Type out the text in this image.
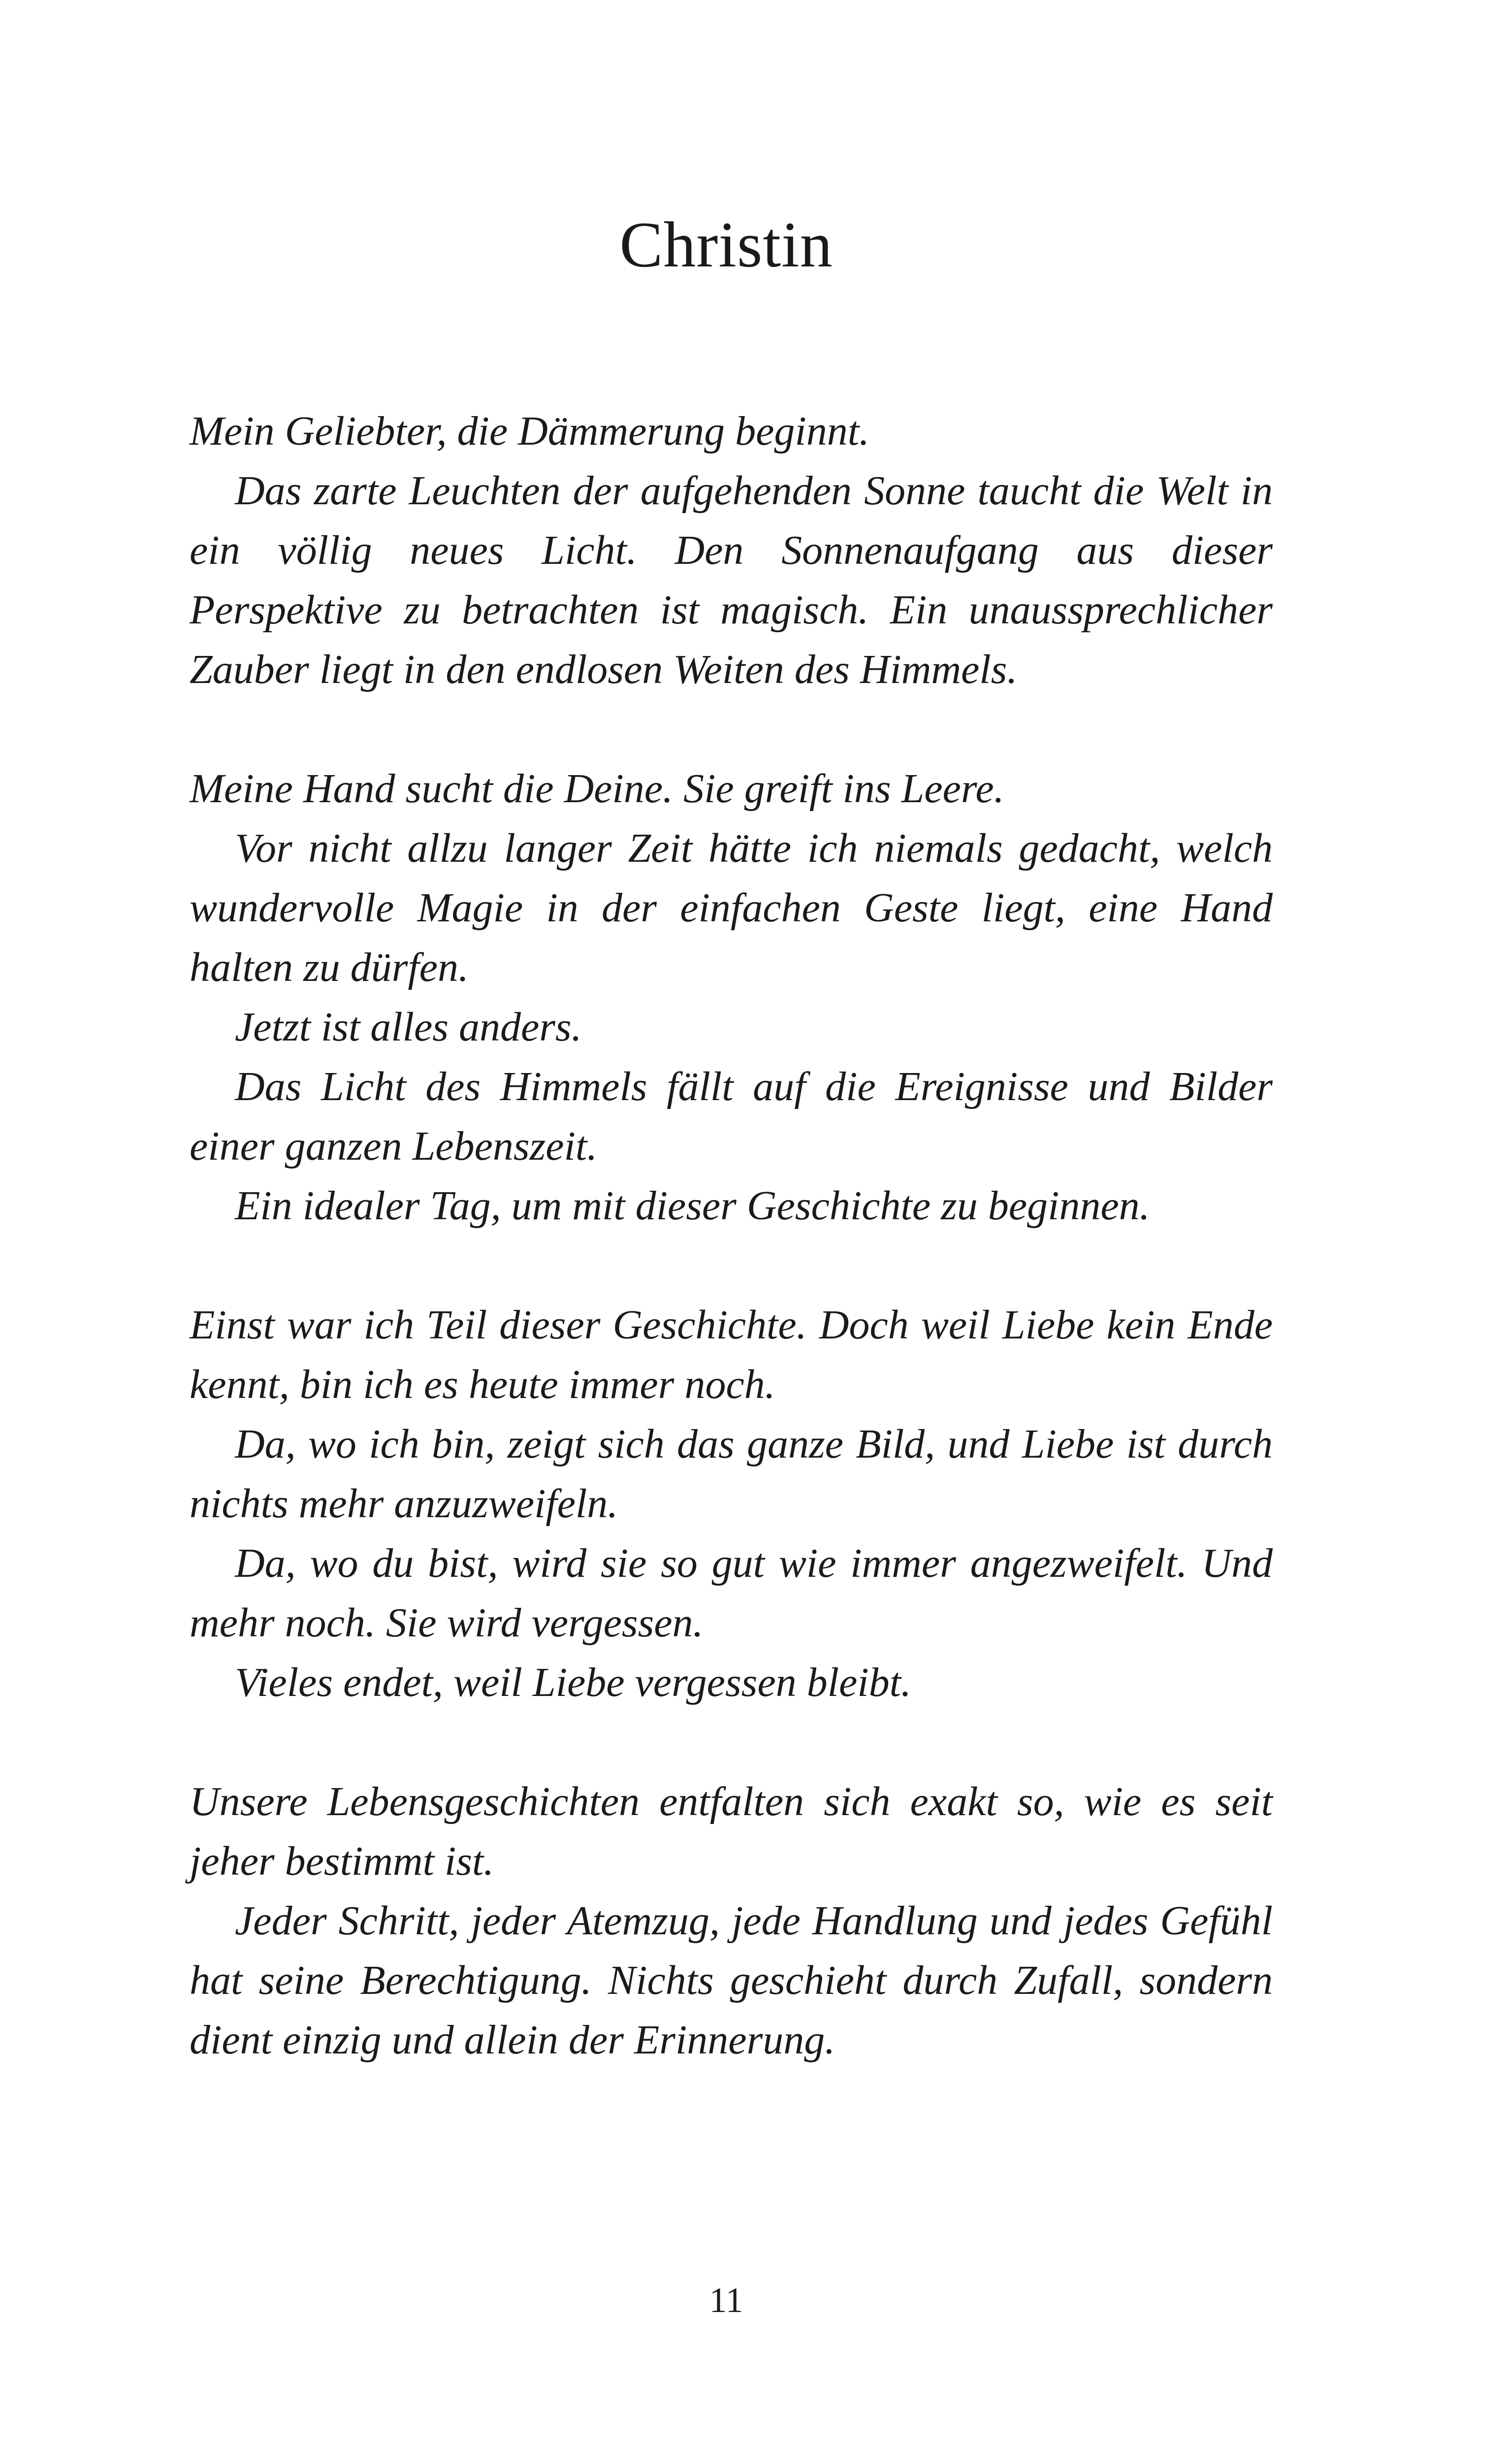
Christin

Mein Geliebter, die Dämmerung beginnt.

Das zarte Leuchten der aufgehenden Sonne taucht die Welt in ein völlig neues Licht. Den Sonnenaufgang aus dieser Perspektive zu betrachten ist magisch. Ein unaussprechlicher Zauber liegt in den endlosen Weiten des Himmels.

Meine Hand sucht die Deine. Sie greift ins Leere.

Vor nicht allzu langer Zeit hätte ich niemals gedacht, welch wundervolle Magie in der einfachen Geste liegt, eine Hand halten zu dürfen.

Jetzt ist alles anders.

Das Licht des Himmels fällt auf die Ereignisse und Bilder einer ganzen Lebenszeit.

Ein idealer Tag, um mit dieser Geschichte zu beginnen.

Einst war ich Teil dieser Geschichte. Doch weil Liebe kein Ende kennt, bin ich es heute immer noch.

Da, wo ich bin, zeigt sich das ganze Bild, und Liebe ist durch nichts mehr anzuzweifeln.

Da, wo du bist, wird sie so gut wie immer angezweifelt. Und mehr noch. Sie wird vergessen.

Vieles endet, weil Liebe vergessen bleibt.

Unsere Lebensgeschichten entfalten sich exakt so, wie es seit jeher bestimmt ist.

Jeder Schritt, jeder Atemzug, jede Handlung und jedes Gefühl hat seine Berechtigung. Nichts geschieht durch Zufall, sondern dient einzig und allein der Erinnerung.

11
